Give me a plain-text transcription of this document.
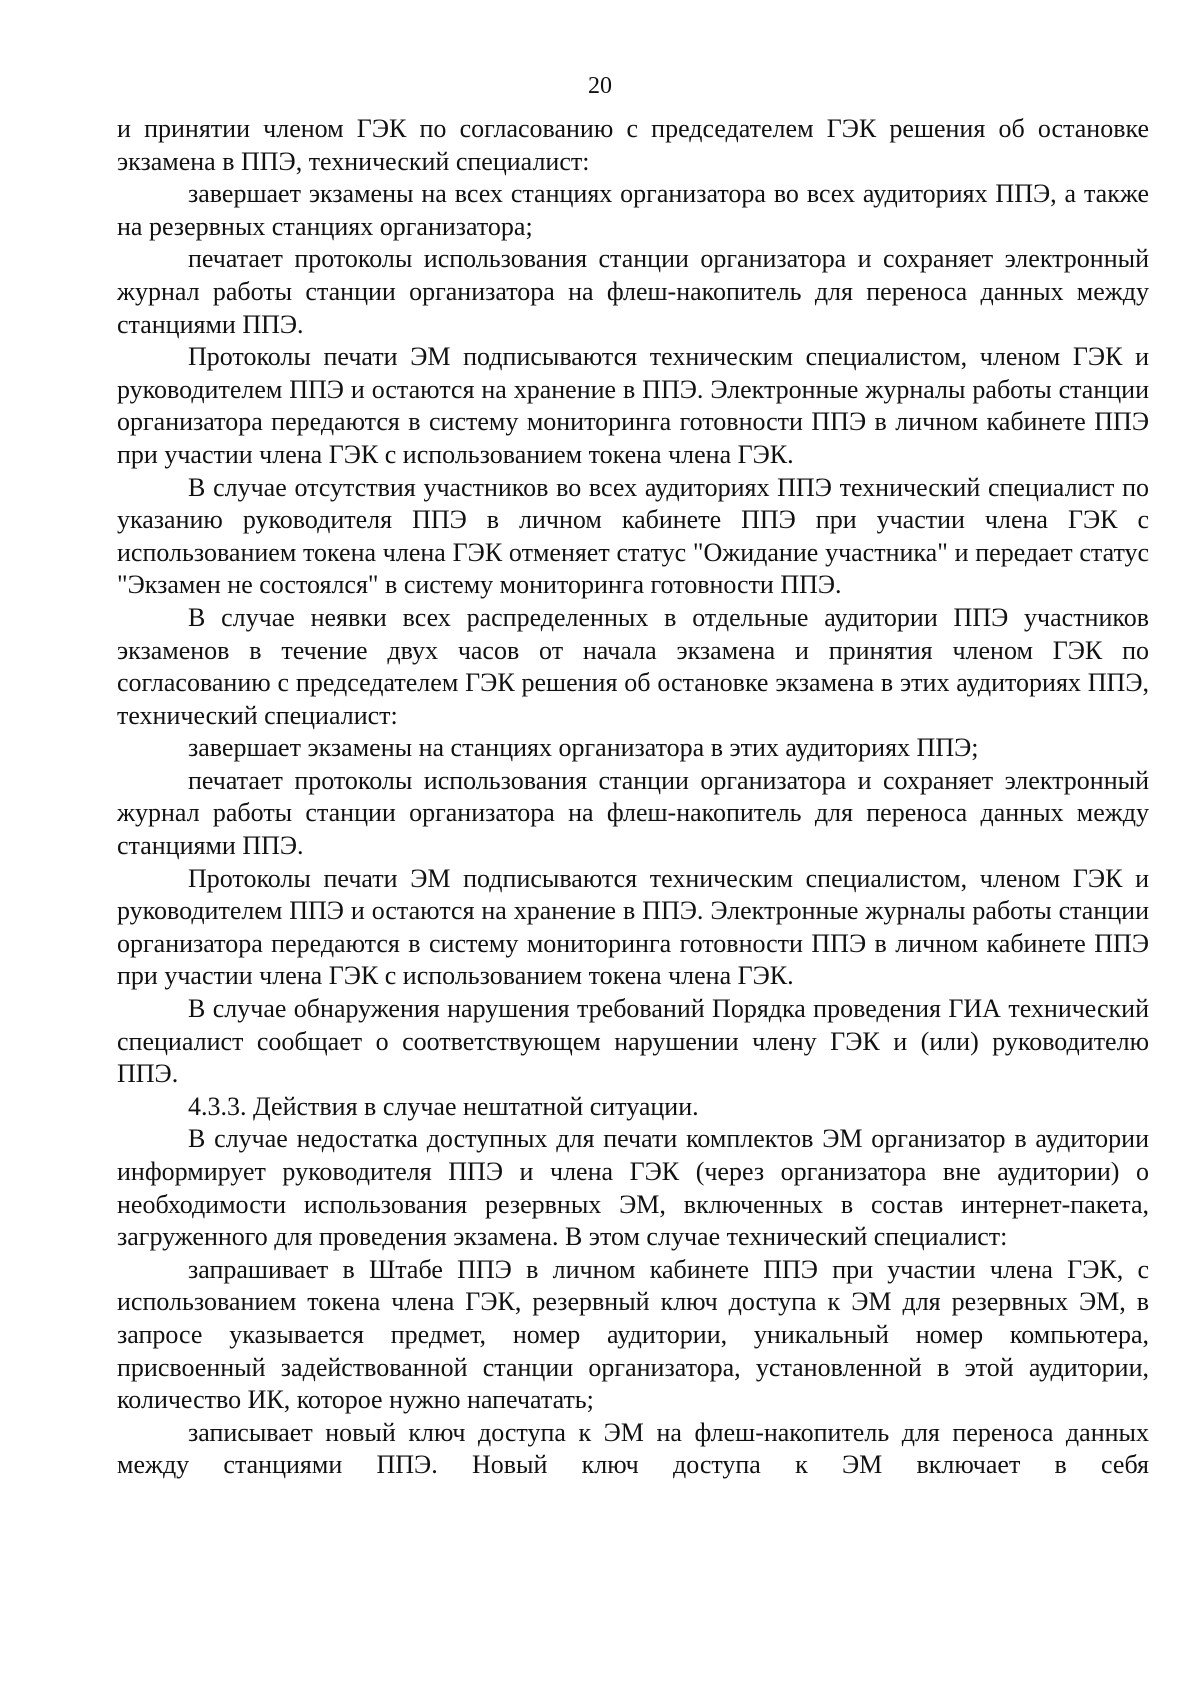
20

и принятии членом ГЭК по согласованию с председателем ГЭК решения об остановке экзамена в ППЭ, технический специалист:

завершает экзамены на всех станциях организатора во всех аудиториях ППЭ, а также на резервных станциях организатора;

печатает протоколы использования станции организатора и сохраняет электронный журнал работы станции организатора на флеш-накопитель для переноса данных между станциями ППЭ.

Протоколы печати ЭМ подписываются техническим специалистом, членом ГЭК и руководителем ППЭ и остаются на хранение в ППЭ. Электронные журналы работы станции организатора передаются в систему мониторинга готовности ППЭ в личном кабинете ППЭ при участии члена ГЭК с использованием токена члена ГЭК.

В случае отсутствия участников во всех аудиториях ППЭ технический специалист по указанию руководителя ППЭ в личном кабинете ППЭ при участии члена ГЭК с использованием токена члена ГЭК отменяет статус "Ожидание участника" и передает статус "Экзамен не состоялся" в систему мониторинга готовности ППЭ.

В случае неявки всех распределенных в отдельные аудитории ППЭ участников экзаменов в течение двух часов от начала экзамена и принятия членом ГЭК по согласованию с председателем ГЭК решения об остановке экзамена в этих аудиториях ППЭ, технический специалист:

завершает экзамены на станциях организатора в этих аудиториях ППЭ;

печатает протоколы использования станции организатора и сохраняет электронный журнал работы станции организатора на флеш-накопитель для переноса данных между станциями ППЭ.

Протоколы печати ЭМ подписываются техническим специалистом, членом ГЭК и руководителем ППЭ и остаются на хранение в ППЭ. Электронные журналы работы станции организатора передаются в систему мониторинга готовности ППЭ в личном кабинете ППЭ при участии члена ГЭК с использованием токена члена ГЭК.

В случае обнаружения нарушения требований Порядка проведения ГИА технический специалист сообщает о соответствующем нарушении члену ГЭК и (или) руководителю ППЭ.

4.3.3. Действия в случае нештатной ситуации.

В случае недостатка доступных для печати комплектов ЭМ организатор в аудитории информирует руководителя ППЭ и члена ГЭК (через организатора вне аудитории) о необходимости использования резервных ЭМ, включенных в состав интернет-пакета, загруженного для проведения экзамена. В этом случае технический специалист:

запрашивает в Штабе ППЭ в личном кабинете ППЭ при участии члена ГЭК, с использованием токена члена ГЭК, резервный ключ доступа к ЭМ для резервных ЭМ, в запросе указывается предмет, номер аудитории, уникальный номер компьютера, присвоенный задействованной станции организатора, установленной в этой аудитории, количество ИК, которое нужно напечатать;

записывает новый ключ доступа к ЭМ на флеш-накопитель для переноса данных между станциями ППЭ. Новый ключ доступа к ЭМ включает в себя
